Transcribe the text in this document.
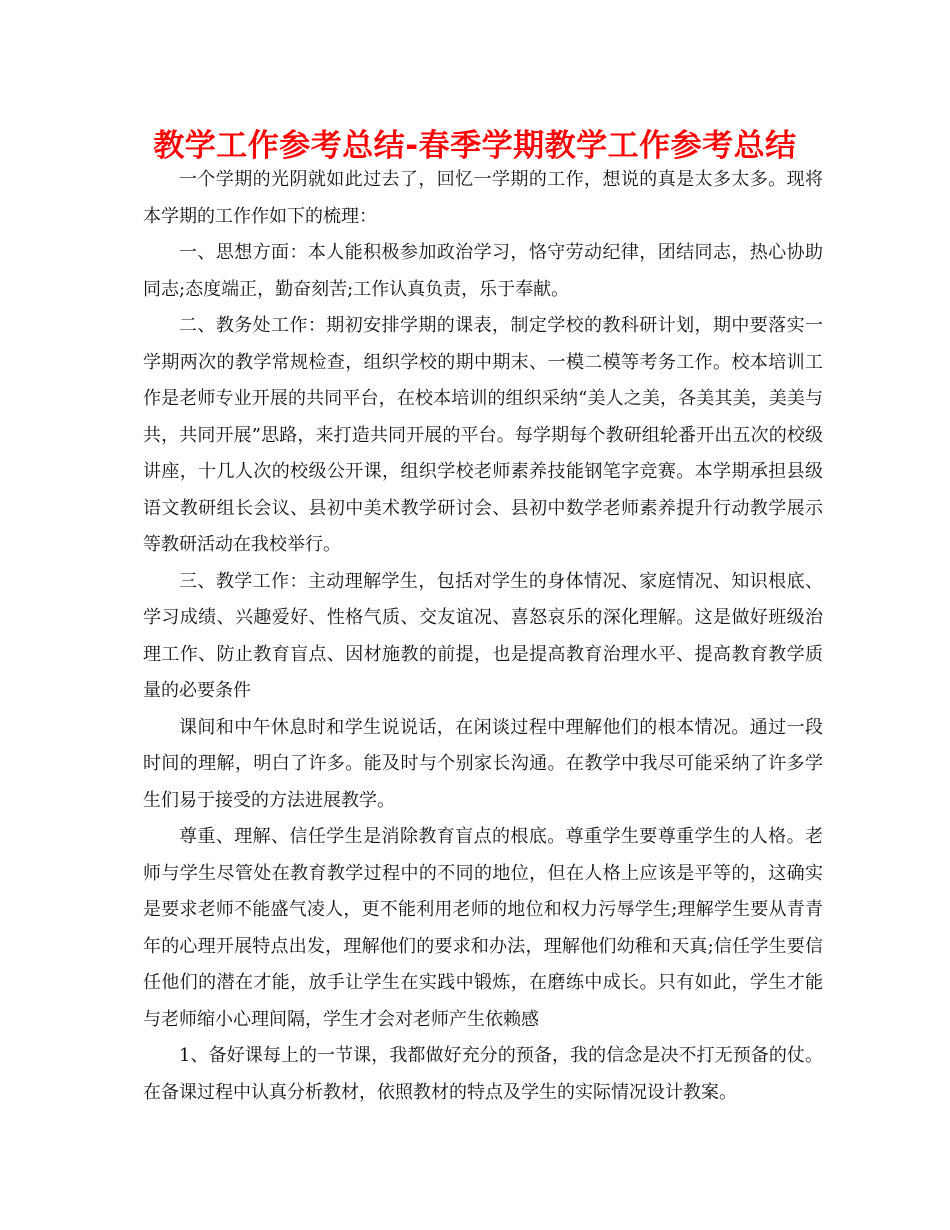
教学工作参考总结-春季学期教学工作参考总结

一个学期的光阴就如此过去了，回忆一学期的工作，想说的真是太多太多。现将本学期的工作作如下的梳理：

一、思想方面：本人能积极参加政治学习，恪守劳动纪律，团结同志，热心协助同志;态度端正，勤奋刻苦;工作认真负责，乐于奉献。

二、教务处工作：期初安排学期的课表，制定学校的教科研计划，期中要落实一学期两次的教学常规检查，组织学校的期中期末、一模二模等考务工作。校本培训工作是老师专业开展的共同平台，在校本培训的组织采纳“美人之美，各美其美，美美与共，共同开展”思路，来打造共同开展的平台。每学期每个教研组轮番开出五次的校级讲座，十几人次的校级公开课，组织学校老师素养技能钢笔字竞赛。本学期承担县级语文教研组长会议、县初中美术教学研讨会、县初中数学老师素养提升行动教学展示等教研活动在我校举行。

三、教学工作：主动理解学生，包括对学生的身体情况、家庭情况、知识根底、学习成绩、兴趣爱好、性格气质、交友谊况、喜怒哀乐的深化理解。这是做好班级治理工作、防止教育盲点、因材施教的前提，也是提高教育治理水平、提高教育教学质量的必要条件

课间和中午休息时和学生说说话，在闲谈过程中理解他们的根本情况。通过一段时间的理解，明白了许多。能及时与个别家长沟通。在教学中我尽可能采纳了许多学生们易于接受的方法进展教学。

尊重、理解、信任学生是消除教育盲点的根底。尊重学生要尊重学生的人格。老师与学生尽管处在教育教学过程中的不同的地位，但在人格上应该是平等的，这确实是要求老师不能盛气凌人，更不能利用老师的地位和权力污辱学生;理解学生要从青青年的心理开展特点出发，理解他们的要求和办法，理解他们幼稚和天真;信任学生要信任他们的潜在才能，放手让学生在实践中锻炼，在磨练中成长。只有如此，学生才能与老师缩小心理间隔，学生才会对老师产生依赖感

1、备好课每上的一节课，我都做好充分的预备，我的信念是决不打无预备的仗。在备课过程中认真分析教材，依照教材的特点及学生的实际情况设计教案。
